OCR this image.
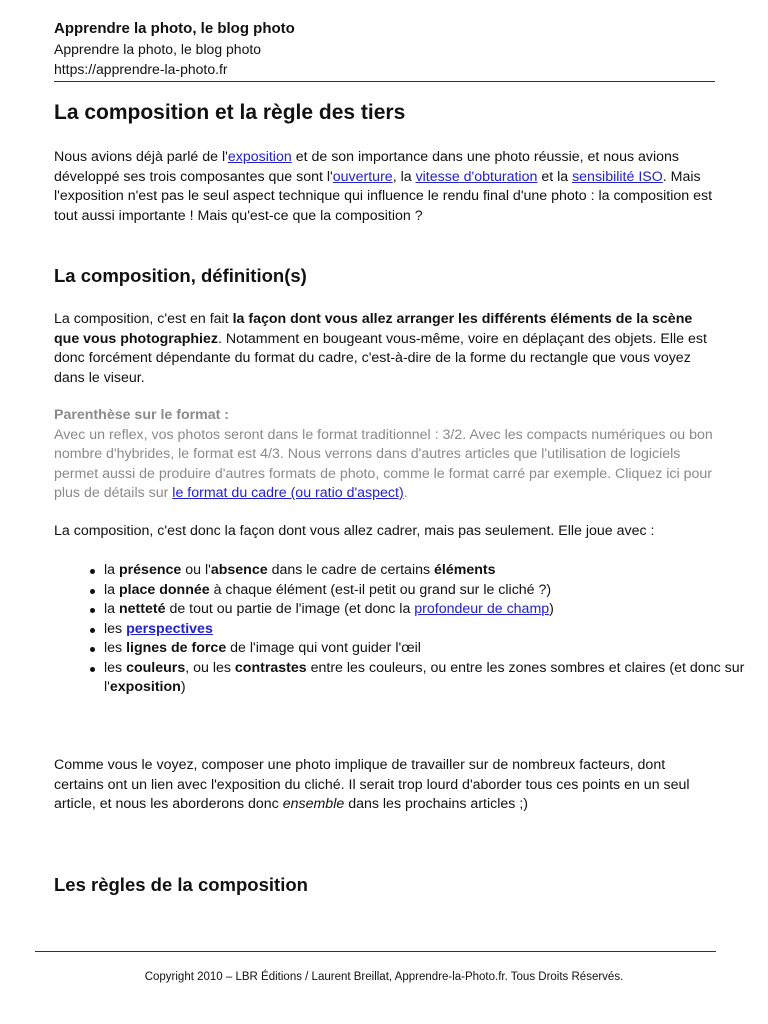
Apprendre la photo, le blog photo
Apprendre la photo, le blog photo
https://apprendre-la-photo.fr
La composition et la règle des tiers

Nous avions déjà parlé de l'exposition et de son importance dans une photo réussie, et nous avions développé ses trois composantes que sont l'ouverture, la vitesse d'obturation et la sensibilité ISO. Mais l'exposition n'est pas le seul aspect technique qui influence le rendu final d'une photo : la composition est tout aussi importante ! Mais qu'est-ce que la composition ?

La composition, définition(s)

La composition, c'est en fait la façon dont vous allez arranger les différents éléments de la scène que vous photographiez. Notamment en bougeant vous-même, voire en déplaçant des objets. Elle est donc forcément dépendante du format du cadre, c'est-à-dire de la forme du rectangle que vous voyez dans le viseur.

Parenthèse sur le format :
Avec un reflex, vos photos seront dans le format traditionnel : 3/2. Avec les compacts numériques ou bon nombre d'hybrides, le format est 4/3. Nous verrons dans d'autres articles que l'utilisation de logiciels permet aussi de produire d'autres formats de photo, comme le format carré par exemple. Cliquez ici pour plus de détails sur le format du cadre (ou ratio d'aspect).

La composition, c'est donc la façon dont vous allez cadrer, mais pas seulement. Elle joue avec :

la présence ou l'absence dans le cadre de certains éléments
la place donnée à chaque élément (est-il petit ou grand sur le cliché ?)
la netteté de tout ou partie de l'image (et donc la profondeur de champ)
les perspectives
les lignes de force de l'image qui vont guider l'œil
les couleurs, ou les contrastes entre les couleurs, ou entre les zones sombres et claires (et donc sur l'exposition)

Comme vous le voyez, composer une photo implique de travailler sur de nombreux facteurs, dont certains ont un lien avec l'exposition du cliché. Il serait trop lourd d'aborder tous ces points en un seul article, et nous les aborderons donc ensemble dans les prochains articles ;)

Les règles de la composition
Copyright 2010 – LBR Éditions / Laurent Breillat, Apprendre-la-Photo.fr. Tous Droits Réservés.
